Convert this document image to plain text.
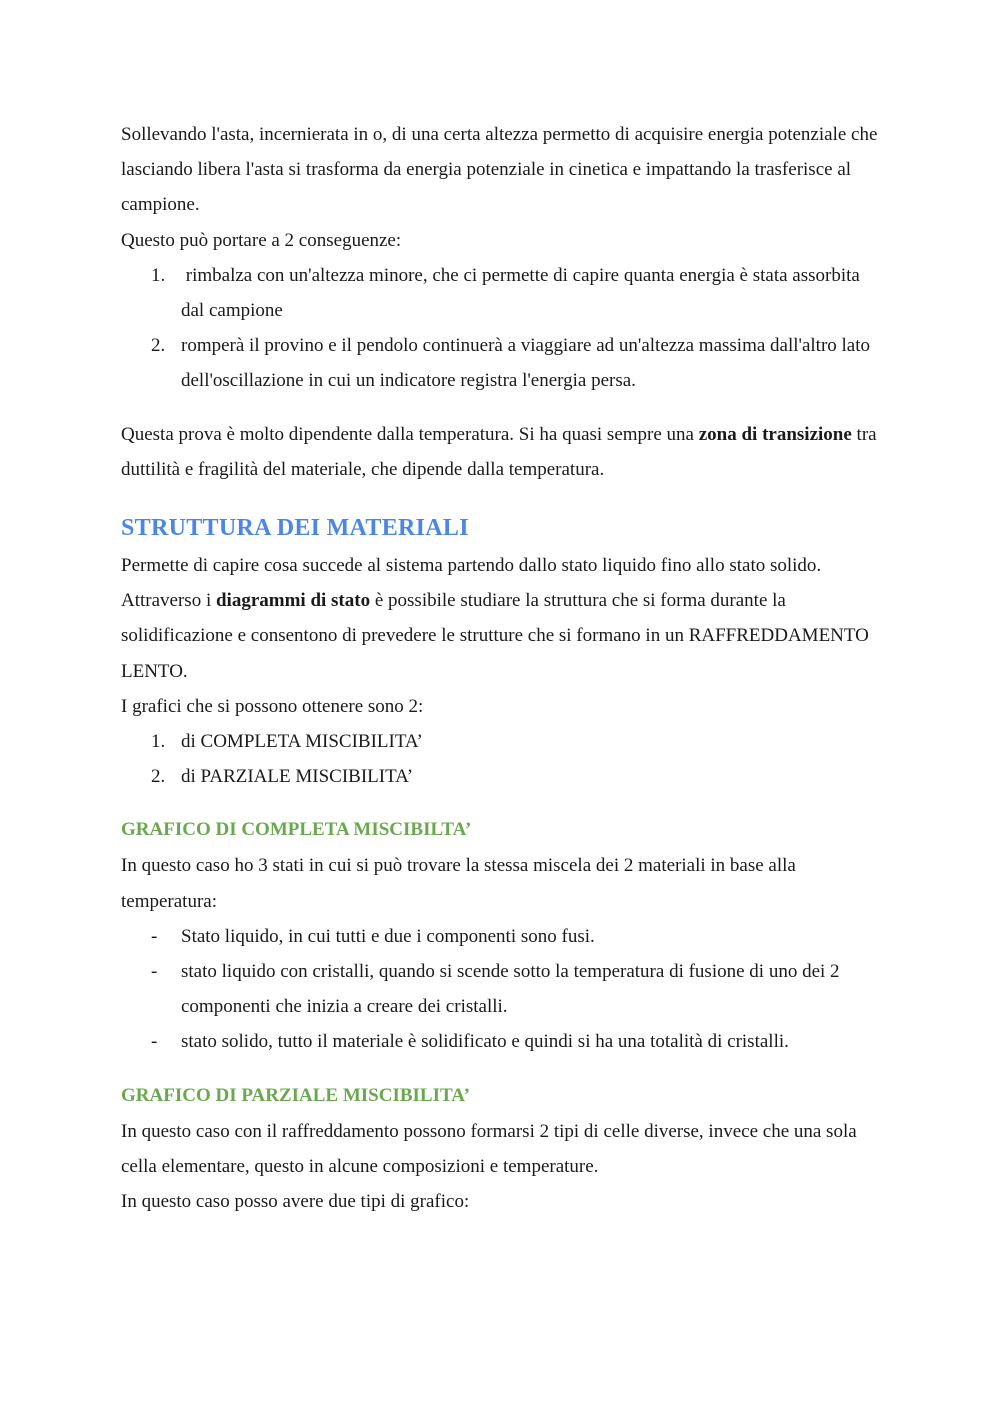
Sollevando l'asta, incernierata in o, di una certa altezza permetto di acquisire energia potenziale che lasciando libera l'asta si trasforma da energia potenziale in cinetica e impattando la trasferisce al campione.

Questo può portare a 2 conseguenze:

1. rimbalza con un'altezza minore, che ci permette di capire quanta energia è stata assorbita dal campione
2. romperà il provino e il pendolo continuerà a viaggiare ad un'altezza massima dall'altro lato dell'oscillazione in cui un indicatore registra l'energia persa.

Questa prova è molto dipendente dalla temperatura. Si ha quasi sempre una zona di transizione tra duttilità e fragilità del materiale, che dipende dalla temperatura.

STRUTTURA DEI MATERIALI

Permette di capire cosa succede al sistema partendo dallo stato liquido fino allo stato solido.

Attraverso i diagrammi di stato è possibile studiare la struttura che si forma durante la solidificazione e consentono di prevedere le strutture che si formano in un RAFFREDDAMENTO LENTO.

I grafici che si possono ottenere sono 2:

1. di COMPLETA MISCIBILITA’
2. di PARZIALE MISCIBILITA’
GRAFICO DI COMPLETA MISCIBILTA’

In questo caso ho 3 stati in cui si può trovare la stessa miscela dei 2 materiali in base alla temperatura:

- Stato liquido, in cui tutti e due i componenti sono fusi.
- stato liquido con cristalli, quando si scende sotto la temperatura di fusione di uno dei 2 componenti che inizia a creare dei cristalli.
- stato solido, tutto il materiale è solidificato e quindi si ha una totalità di cristalli.
GRAFICO DI PARZIALE MISCIBILITA’

In questo caso con il raffreddamento possono formarsi 2 tipi di celle diverse, invece che una sola cella elementare, questo in alcune composizioni e temperature.

In questo caso posso avere due tipi di grafico:
